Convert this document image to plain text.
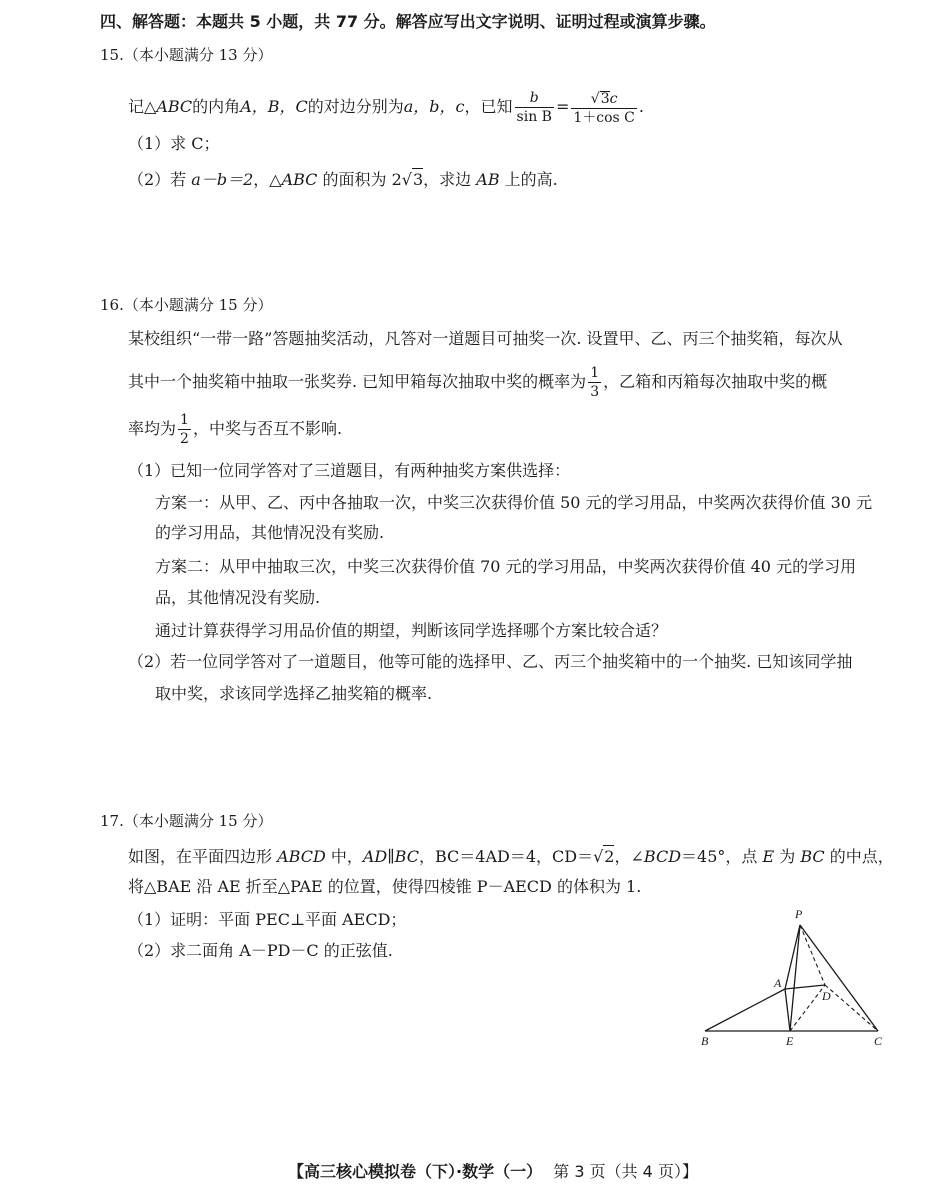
四、解答题：本题共 5 小题，共 77 分。解答应写出文字说明、证明过程或演算步骤。
15.（本小题满分 13 分）
记△ABC的内角A，B，C的对边分别为a，b，c，已知 $\frac{b}{\text{sin B}} = \frac{√3c}{\text{1＋cos C}}$ .
（1）求 C；
（2）若 a－b＝2，△ABC 的面积为 2√3，求边 AB 上的高.
16.（本小题满分 15 分）
某校组织“一带一路”答题抽奖活动，凡答对一道题目可抽奖一次. 设置甲、乙、丙三个抽奖箱，每次从
其中一个抽奖箱中抽取一张奖券. 已知甲箱每次抽取中奖的概率为 $\frac{1}{3}$ ，乙箱和丙箱每次抽取中奖的概
率均为 $\frac{1}{2}$ ，中奖与否互不影响.
（1）已知一位同学答对了三道题目，有两种抽奖方案供选择：
方案一：从甲、乙、丙中各抽取一次，中奖三次获得价值 50 元的学习用品，中奖两次获得价值 30 元
的学习用品，其他情况没有奖励.
方案二：从甲中抽取三次，中奖三次获得价值 70 元的学习用品，中奖两次获得价值 40 元的学习用
品，其他情况没有奖励.
通过计算获得学习用品价值的期望，判断该同学选择哪个方案比较合适？
（2）若一位同学答对了一道题目，他等可能的选择甲、乙、丙三个抽奖箱中的一个抽奖. 已知该同学抽
取中奖，求该同学选择乙抽奖箱的概率.
17.（本小题满分 15 分）
如图，在平面四边形 ABCD 中，AD∥BC，BC＝4AD＝4，CD＝√2，∠BCD＝45°，点 E 为 BC 的中点，
将△BAE 沿 AE 折至△PAE 的位置，使得四棱锥 P－AECD 的体积为 1.
（1）证明：平面 PEC⊥平面 AECD；
（2）求二面角 A－PD－C 的正弦值.
P
A
D
B	E	C
【高三核心模拟卷（下）·数学（一） 第 3 页（共 4 页）】
